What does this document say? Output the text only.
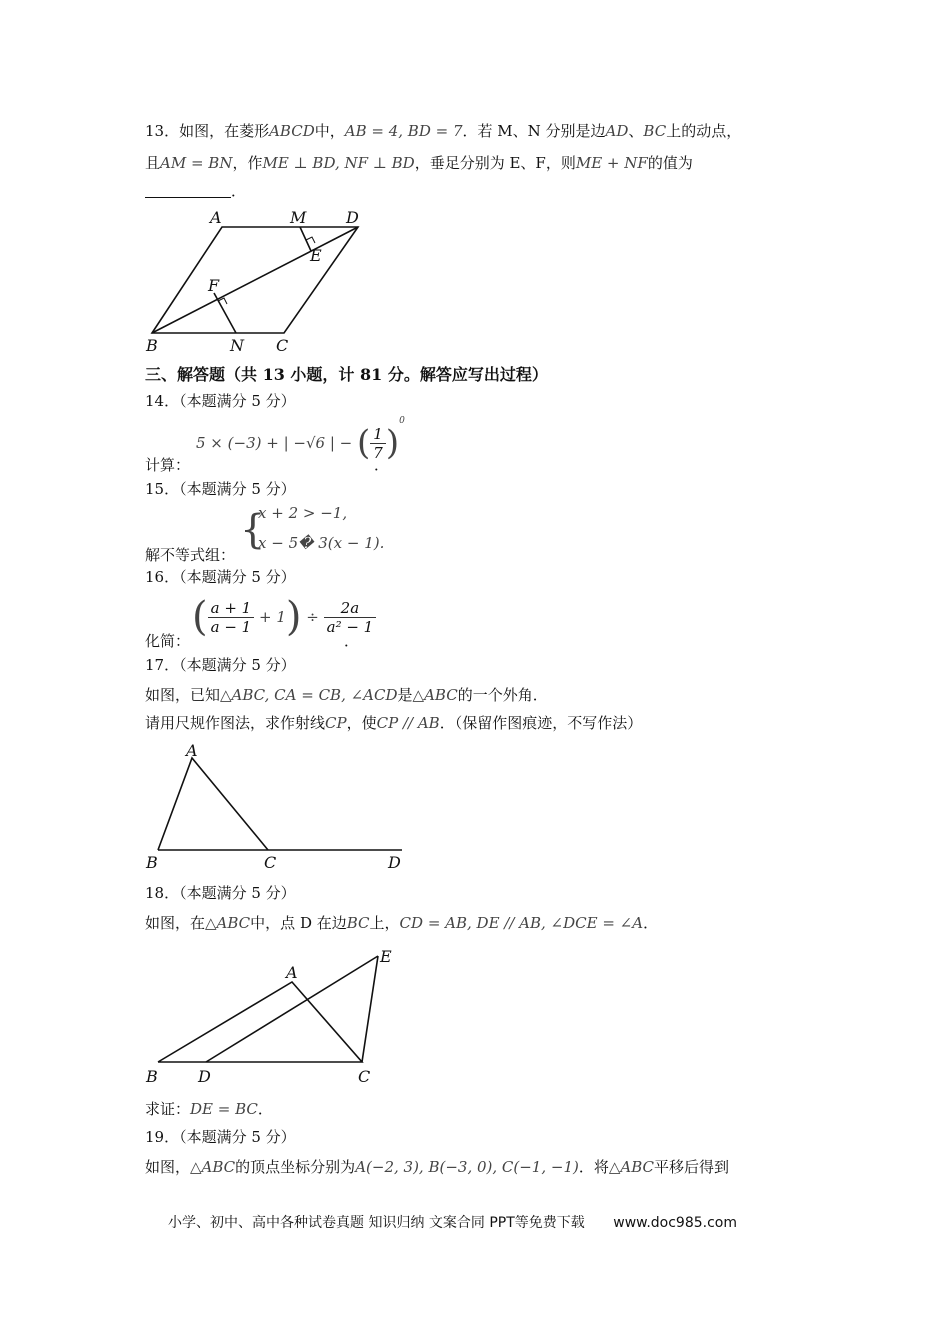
13．如图，在菱形ABCD中，AB = 4, BD = 7．若 M、N 分别是边AD、BC上的动点，
且AM = BN，作ME ⊥ BD, NF ⊥ BD，垂足分别为 E、F，则ME + NF的值为
．
A	M D
E
F
B	N C
三、解答题（共 13 小题，计 81 分。解答应写出过程）
14．（本题满分 5 分）
5 × (−3) + | −√6 | − ( $\frac{1}{7} )^0$
计算：	．
15．（本题满分 5 分）
{
x + 2 > −1,
x − 5� 3(x − 1).
解不等式组：
16．（本题满分 5 分）
( $\frac{a + 1}{a - 1} + 1) \div \frac{2a}{\text{a² − 1}}$
化简：	．
17．（本题满分 5 分）
如图，已知△ABC, CA = CB, ∠ACD是△ABC的一个外角．
请用尺规作图法，求作射线CP，使CP // AB．（保留作图痕迹，不写作法）
A
B	C	D
18．（本题满分 5 分）
如图，在△ABC中，点 D 在边BC上，CD = AB, DE // AB, ∠DCE = ∠A．
A
E
B	D	C
求证：DE = BC．
19．（本题满分 5 分）
如图，△ABC的顶点坐标分别为A(−2, 3), B(−3, 0), C(−1, −1)．将△ABC平移后得到
小学、初中、高中各种试卷真题 知识归纳 文案合同 PPT等免费下载 www.doc985.com
